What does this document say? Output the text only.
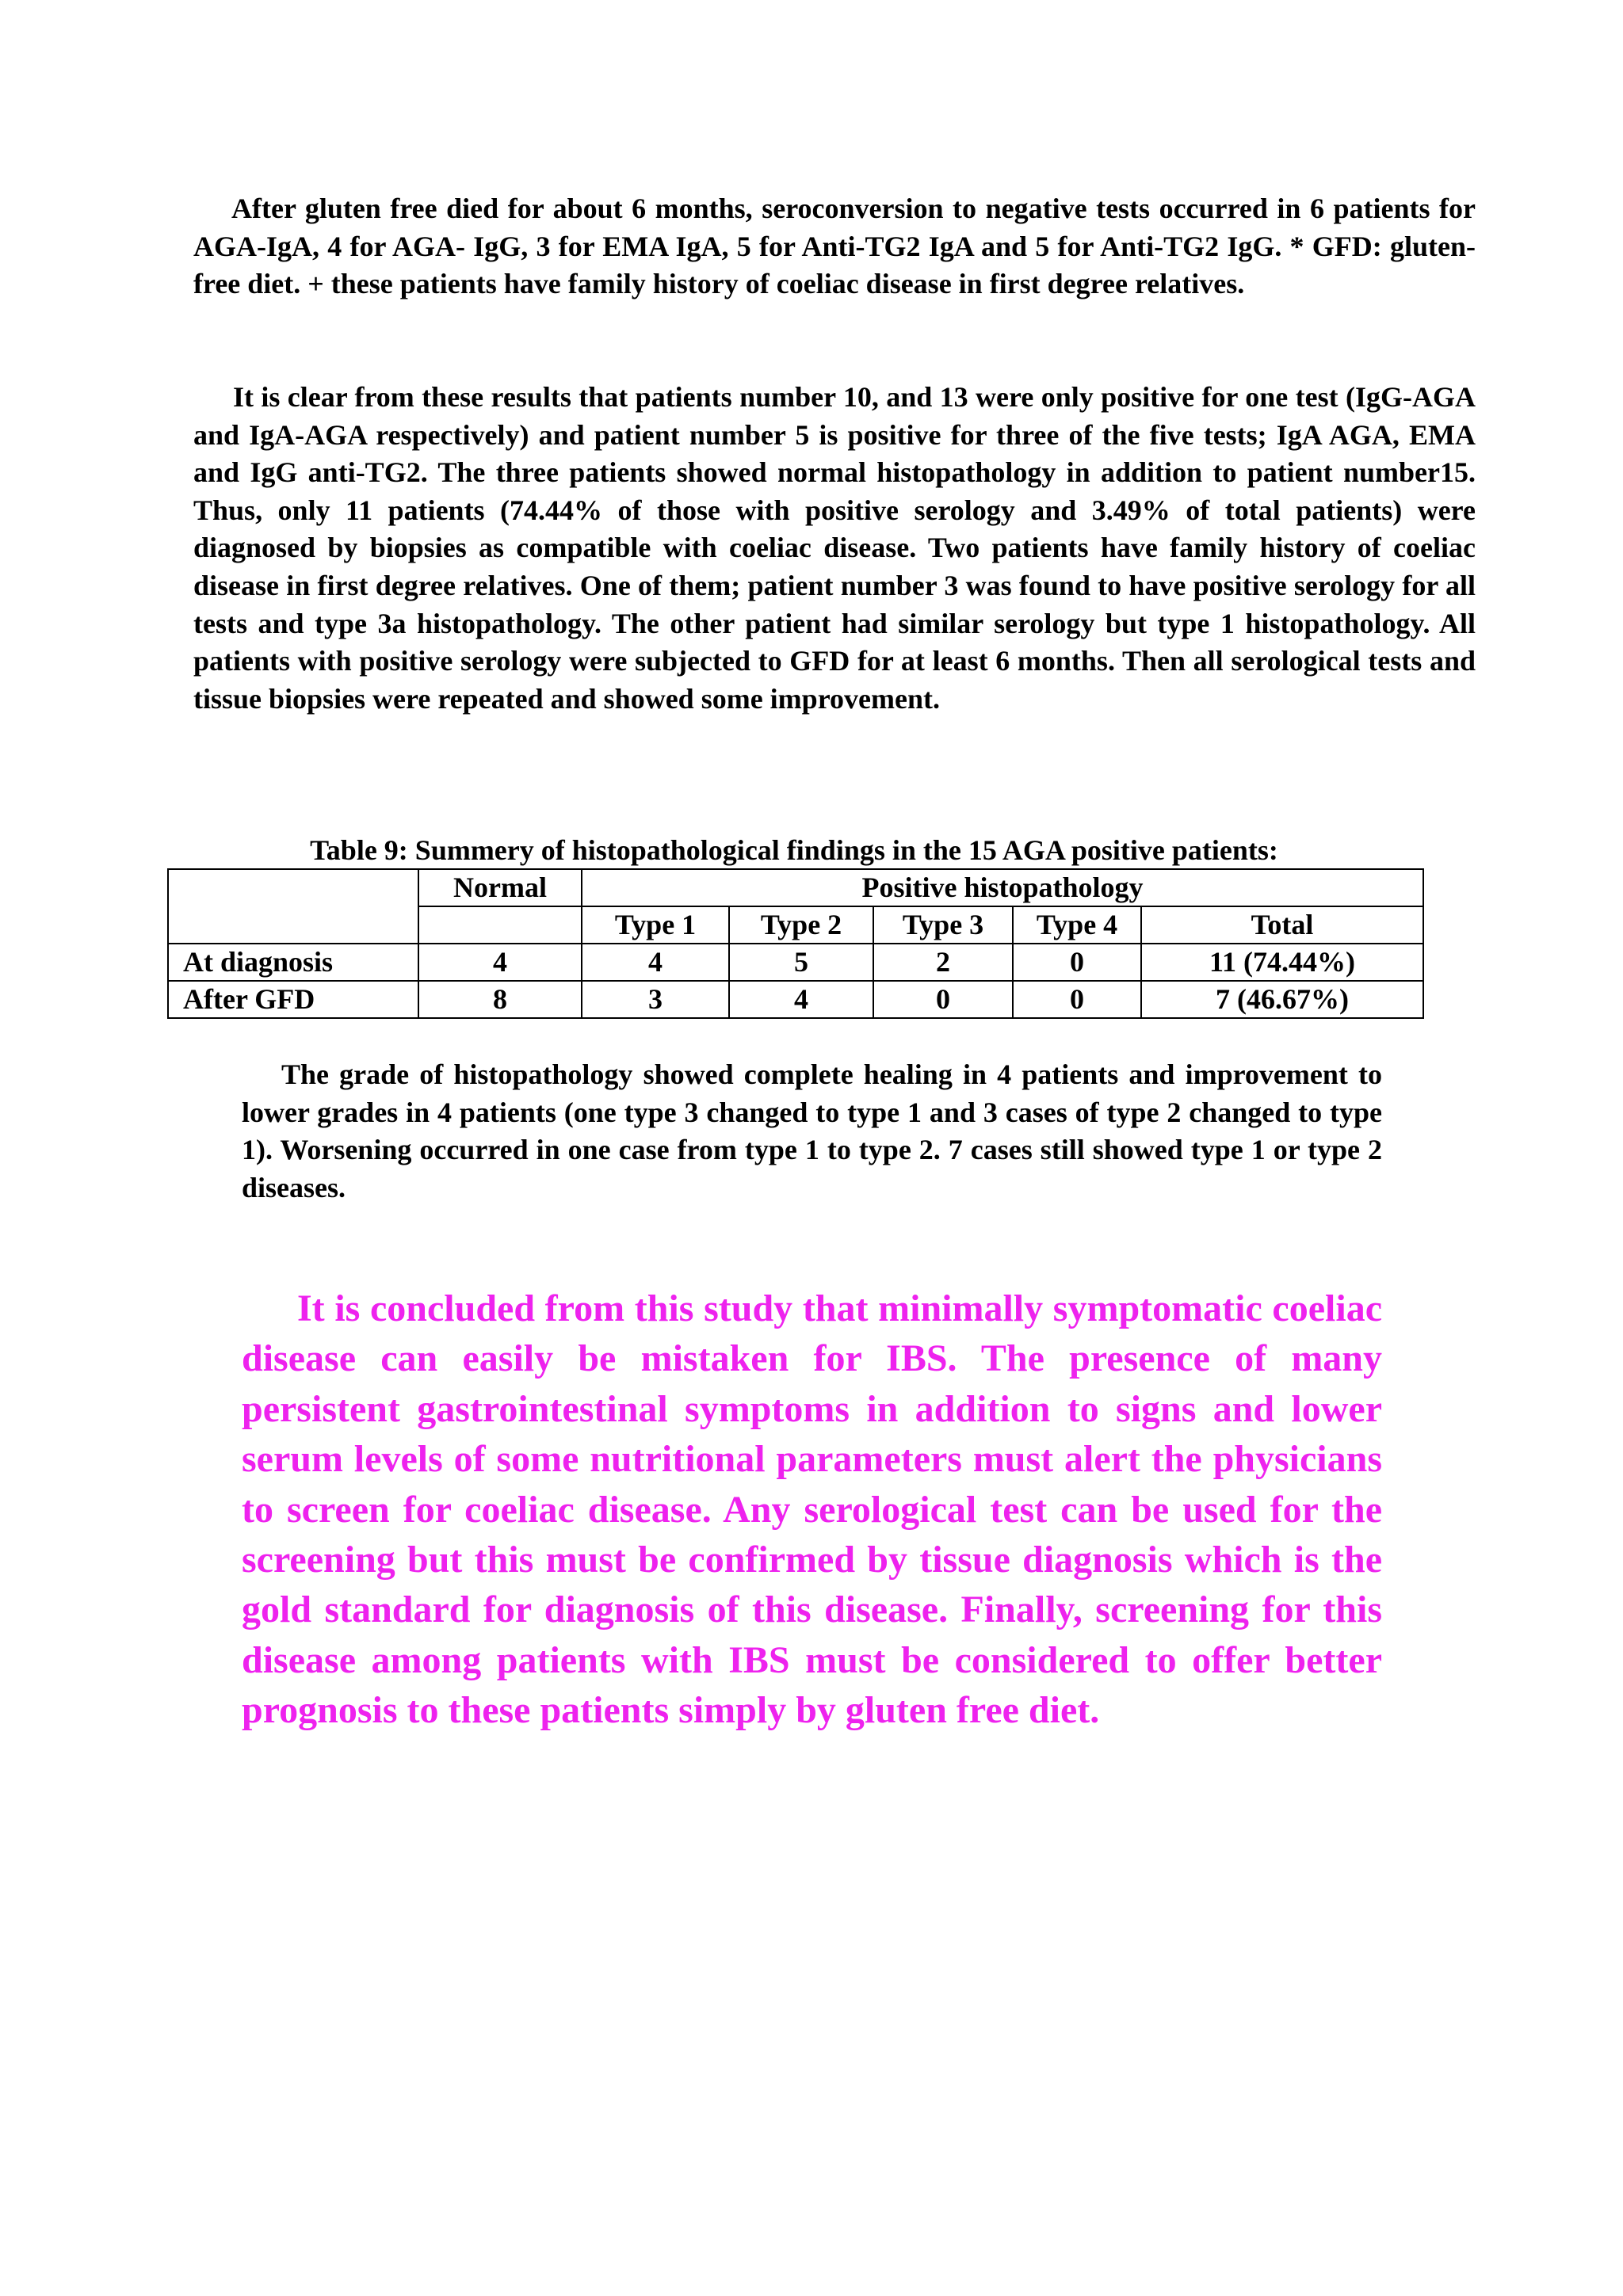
After gluten free died for about 6 months, seroconversion to negative tests occurred in 6 patients for AGA-IgA, 4 for AGA- IgG, 3 for EMA IgA, 5 for Anti-TG2 IgA and 5 for Anti-TG2 IgG. * GFD: gluten-free diet. + these patients have family history of coeliac disease in first degree relatives.

It is clear from these results that patients number 10, and 13 were only positive for one test (IgG-AGA and IgA-AGA respectively) and patient number 5 is positive for three of the five tests; IgA AGA, EMA and IgG anti-TG2. The three patients showed normal histopathology in addition to patient number15. Thus, only 11 patients (74.44% of those with positive serology and 3.49% of total patients) were diagnosed by biopsies as compatible with coeliac disease. Two patients have family history of coeliac disease in first degree relatives. One of them; patient number 3 was found to have positive serology for all tests and type 3a histopathology. The other patient had similar serology but type 1 histopathology. All patients with positive serology were subjected to GFD for at least 6 months. Then all serological tests and tissue biopsies were repeated and showed some improvement.

Table 9: Summery of histopathological findings in the 15 AGA positive patients:
	Normal	Positive histopathology				
		Type 1	Type 2	Type 3	Type 4	Total
At diagnosis	4	4	5	2	0	11 (74.44%)
After GFD	8	3	4	0	0	7 (46.67%)

The grade of histopathology showed complete healing in 4 patients and improvement to lower grades in 4 patients (one type 3 changed to type 1 and 3 cases of type 2 changed to type 1). Worsening occurred in one case from type 1 to type 2. 7 cases still showed type 1 or type 2 diseases.

It is concluded from this study that minimally symptomatic coeliac disease can easily be mistaken for IBS. The presence of many persistent gastrointestinal symptoms in addition to signs and lower serum levels of some nutritional parameters must alert the physicians to screen for coeliac disease. Any serological test can be used for the screening but this must be confirmed by tissue diagnosis which is the gold standard for diagnosis of this disease. Finally, screening for this disease among patients with IBS must be considered to offer better prognosis to these patients simply by gluten free diet.
